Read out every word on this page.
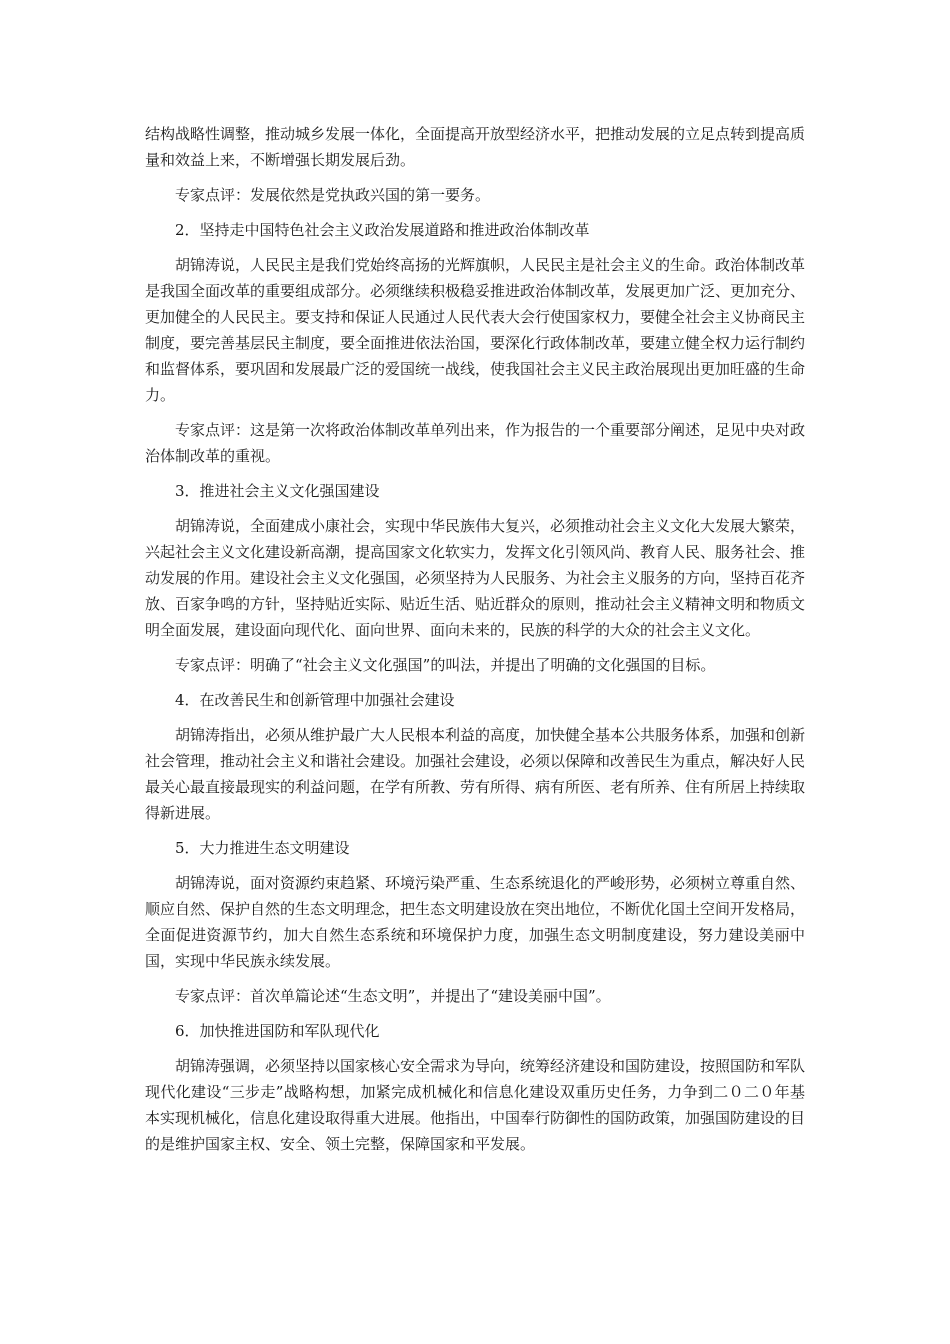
结构战略性调整，推动城乡发展一体化，全面提高开放型经济水平，把推动发展的立足点转到提高质量和效益上来，不断增强长期发展后劲。

专家点评：发展依然是党执政兴国的第一要务。

2．坚持走中国特色社会主义政治发展道路和推进政治体制改革

胡锦涛说，人民民主是我们党始终高扬的光辉旗帜，人民民主是社会主义的生命。政治体制改革是我国全面改革的重要组成部分。必须继续积极稳妥推进政治体制改革，发展更加广泛、更加充分、更加健全的人民民主。要支持和保证人民通过人民代表大会行使国家权力，要健全社会主义协商民主制度，要完善基层民主制度，要全面推进依法治国，要深化行政体制改革，要建立健全权力运行制约和监督体系，要巩固和发展最广泛的爱国统一战线，使我国社会主义民主政治展现出更加旺盛的生命力。

专家点评：这是第一次将政治体制改革单列出来，作为报告的一个重要部分阐述，足见中央对政治体制改革的重视。

3．推进社会主义文化强国建设

胡锦涛说，全面建成小康社会，实现中华民族伟大复兴，必须推动社会主义文化大发展大繁荣，兴起社会主义文化建设新高潮，提高国家文化软实力，发挥文化引领风尚、教育人民、服务社会、推动发展的作用。建设社会主义文化强国，必须坚持为人民服务、为社会主义服务的方向，坚持百花齐放、百家争鸣的方针，坚持贴近实际、贴近生活、贴近群众的原则，推动社会主义精神文明和物质文明全面发展，建设面向现代化、面向世界、面向未来的，民族的科学的大众的社会主义文化。

专家点评：明确了“社会主义文化强国”的叫法，并提出了明确的文化强国的目标。

4．在改善民生和创新管理中加强社会建设

胡锦涛指出，必须从维护最广大人民根本利益的高度，加快健全基本公共服务体系，加强和创新社会管理，推动社会主义和谐社会建设。加强社会建设，必须以保障和改善民生为重点，解决好人民最关心最直接最现实的利益问题，在学有所教、劳有所得、病有所医、老有所养、住有所居上持续取得新进展。

5．大力推进生态文明建设

胡锦涛说，面对资源约束趋紧、环境污染严重、生态系统退化的严峻形势，必须树立尊重自然、顺应自然、保护自然的生态文明理念，把生态文明建设放在突出地位，不断优化国土空间开发格局，全面促进资源节约，加大自然生态系统和环境保护力度，加强生态文明制度建设，努力建设美丽中国，实现中华民族永续发展。

专家点评：首次单篇论述“生态文明”，并提出了“建设美丽中国”。

6．加快推进国防和军队现代化

胡锦涛强调，必须坚持以国家核心安全需求为导向，统筹经济建设和国防建设，按照国防和军队现代化建设“三步走”战略构想，加紧完成机械化和信息化建设双重历史任务，力争到二０二０年基本实现机械化，信息化建设取得重大进展。他指出，中国奉行防御性的国防政策，加强国防建设的目的是维护国家主权、安全、领土完整，保障国家和平发展。
